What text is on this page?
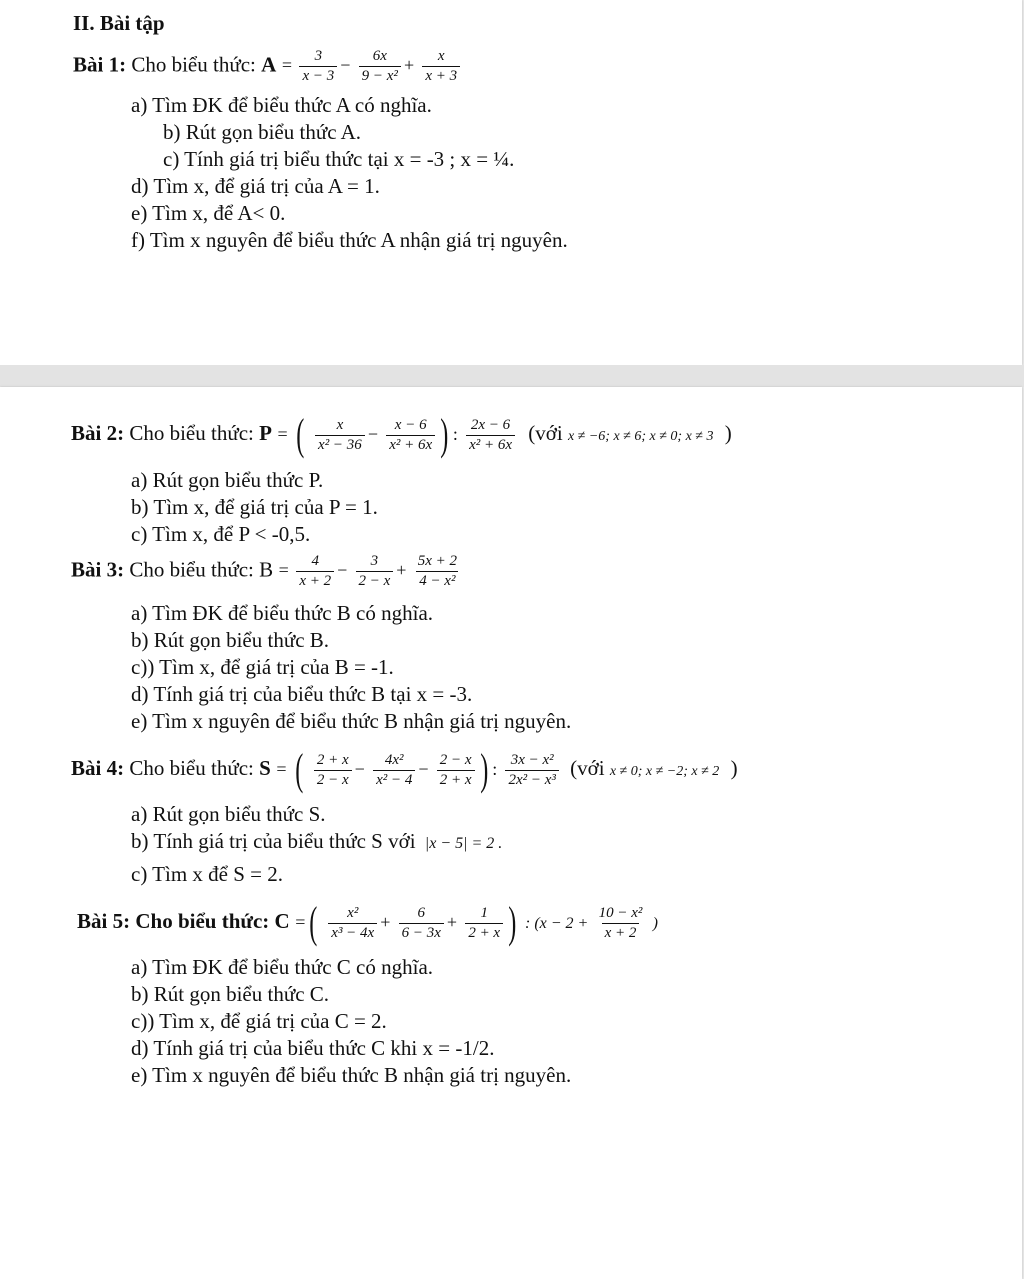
II. Bài tập
Bài 1: Cho biểu thức: $A = \frac{3}{x - 3} - \frac{6x}{\text{9 − x²}} + \frac{x}{x + 3}$
a) Tìm ĐK để biểu thức A có nghĩa.
b) Rút gọn biểu thức A.
c) Tính giá trị biểu thức tại x = -3 ; x = ¼.
d) Tìm x, để giá trị của A = 1.
e) Tìm x, để A< 0.
f) Tìm x nguyên để biểu thức A nhận giá trị nguyên.
Bài 2: Cho biểu thức: P = ( $\frac{x}{\text{x² − 36}} - \frac{x - 6}{\text{x² + 6x}}$ ) : $\frac{2x - 6}{\text{x² + 6x}}$ (với x ≠ −6; x ≠ 6; x ≠ 0; x ≠ 3 )
a) Rút gọn biểu thức P.
b) Tìm x, để giá trị của P = 1.
c) Tìm x, để P < -0,5.
Bài 3: Cho biểu thức: $B = \frac{4}{x + 2} - \frac{3}{2 - x} + \frac{5x + 2}{\text{4 − x²}}$
a) Tìm ĐK để biểu thức B có nghĩa.
b) Rút gọn biểu thức B.
c)) Tìm x, để giá trị của B = -1.
d) Tính giá trị của biểu thức B tại x = -3.
e) Tìm x nguyên để biểu thức B nhận giá trị nguyên.
Bài 4: Cho biểu thức: S = ( $\frac{2 + x}{2 - x} - \frac{\text{4x²}}{\text{x² − 4}} - \frac{2 - x}{2 + x}$ ) : $\frac{\text{3x − x²}}{\text{2x² − x³}}$ (với x ≠ 0; x ≠ −2; x ≠ 2 )
a) Rút gọn biểu thức S.
b) Tính giá trị của biểu thức S với |x − 5| = 2 .
c) Tìm x để S = 2.
Bài 5: Cho biểu thức: C =( $\frac{\text{x²}}{\text{x³ − 4x}} + \frac{6}{6 - 3x} + \frac{1}{2 + x}$ ) : ($x - 2 + \frac{\text{10 − x²}}{x + 2}$ )
a) Tìm ĐK để biểu thức C có nghĩa.
b) Rút gọn biểu thức C.
c)) Tìm x, để giá trị của C = 2.
d) Tính giá trị của biểu thức C khi x = -1/2.
e) Tìm x nguyên để biểu thức B nhận giá trị nguyên.
